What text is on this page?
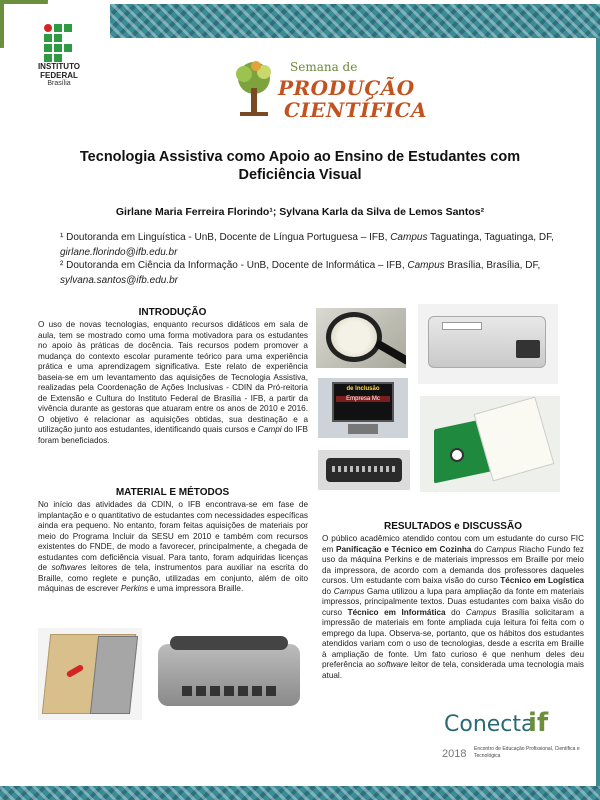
INSTITUTO
FEDERAL
Brasília
Semana de
PRODUÇÃO
CIENTÍFICA
Tecnologia Assistiva como Apoio ao Ensino de Estudantes com Deficiência Visual
Girlane Maria Ferreira Florindo¹; Sylvana Karla da Silva de Lemos Santos²
¹ Doutoranda em Linguística - UnB, Docente de Língua Portuguesa – IFB, Campus Taguatinga, Taguatinga, DF, girlane.florindo@ifb.edu.br
² Doutoranda em Ciência da Informação - UnB, Docente de Informática – IFB, Campus Brasília, Brasília, DF, sylvana.santos@ifb.edu.br
INTRODUÇÃO
O uso de novas tecnologias, enquanto recursos didáticos em sala de aula, tem se mostrado como uma forma motivadora para os estudantes no apoio às práticas de docência. Tais recursos podem promover a mudança do contexto escolar puramente teórico para uma experiência prática e uma aprendizagem significativa. Este relato de experiência baseia-se em um levantamento das aquisições de Tecnologia Assistiva, realizadas pela Coordenação de Ações Inclusivas - CDIN da Pró-reitoria de Extensão e Cultura do Instituto Federal de Brasília - IFB, a partir da vivência durante as gestoras que atuaram entre os anos de 2010 e 2016. O objetivo é relacionar as aquisições obtidas, sua destinação e a utilização junto aos estudantes, identificando quais cursos e Campi do IFB foram beneficiados.
MATERIAL E MÉTODOS
No início das atividades da CDIN, o IFB encontrava-se em fase de implantação e o quantitativo de estudantes com necessidades específicas ainda era pequeno. No entanto, foram feitas aquisições de materiais por meio do Programa Incluir da SESU em 2010 e também com recursos existentes do FNDE, de modo a favorecer, principalmente, a chegada de estudantes com deficiência visual. Para tanto, foram adquiridas licenças de softwares leitores de tela, instrumentos para auxiliar na escrita do Braille, como reglete e punção, utilizadas em conjunto, além de oito máquinas de escrever Perkins e uma impressora Braille.
RESULTADOS e DISCUSSÃO
O público acadêmico atendido contou com um estudante do curso FIC em Panificação e Técnico em Cozinha do Campus Riacho Fundo fez uso da máquina Perkins e de materiais impressos em Braille por meio da impressora, de acordo com a demanda dos professores daqueles cursos. Um estudante com baixa visão do curso Técnico em Logística do Campus Gama utilizou a lupa para ampliação da fonte em materiais impressos, principalmente textos. Duas estudantes com baixa visão do curso Técnico em Informática do Campus Brasília solicitaram a impressão de materiais em fonte ampliada cuja leitura foi feita com o emprego da lupa. Observa-se, portanto, que os hábitos dos estudantes atendidos variam com o uso de tecnologias, desde a escrita em Braille à ampliação de fonte. Um fato curioso é que nenhum deles deu preferência ao software leitor de tela, considerada uma tecnologia mais atual.
de Inclusão
Empresa Mc
Conecta
if
2018 Encontro de Educação Profissional, Científica e Tecnológica
